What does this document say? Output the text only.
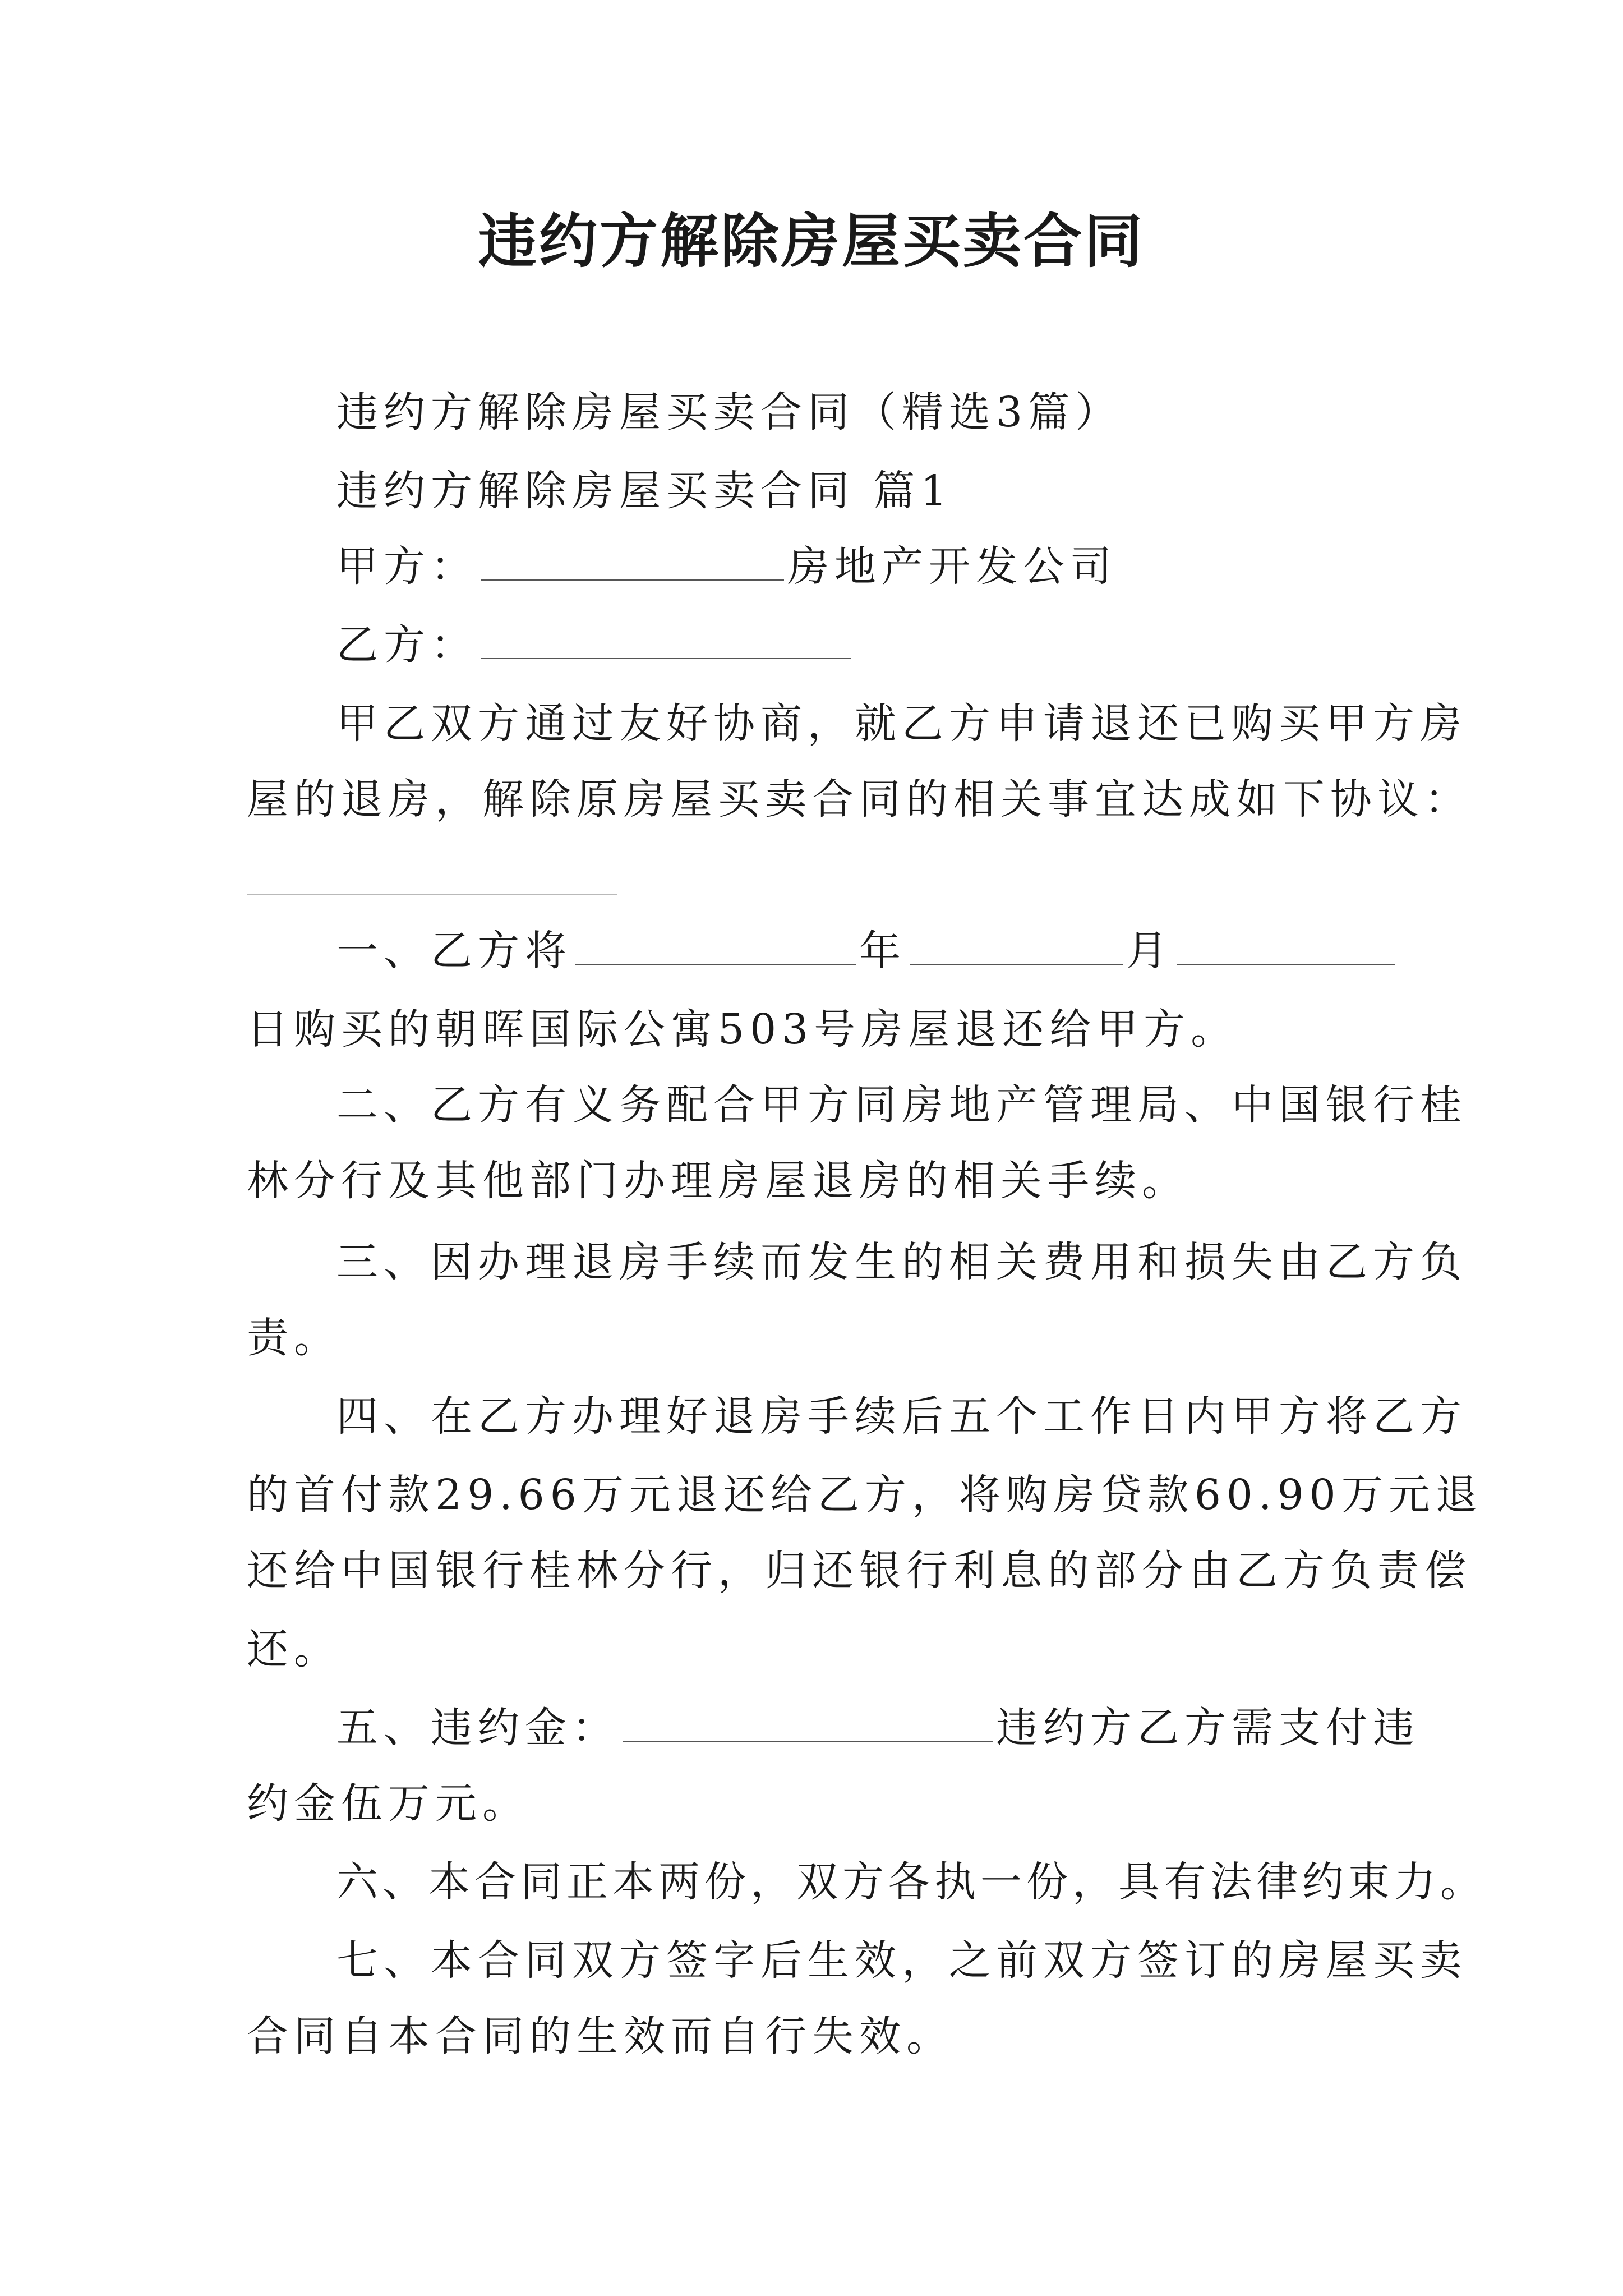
违约方解除房屋买卖合同
违约方解除房屋买卖合同（精选3篇）
违约方解除房屋买卖合同 篇1
甲方：	房地产开发公司
乙方：
甲乙双方通过友好协商，就乙方申请退还已购买甲方房
屋的退房，解除原房屋买卖合同的相关事宜达成如下协议：
一、乙方将	年	月
日购买的朝晖国际公寓503号房屋退还给甲方。
二、乙方有义务配合甲方同房地产管理局、中国银行桂
林分行及其他部门办理房屋退房的相关手续。
三、因办理退房手续而发生的相关费用和损失由乙方负
责。
四、在乙方办理好退房手续后五个工作日内甲方将乙方
的首付款29.66万元退还给乙方，将购房贷款60.90万元退
还给中国银行桂林分行，归还银行利息的部分由乙方负责偿
还。
五、违约金：	违约方乙方需支付违
约金伍万元。
六、本合同正本两份，双方各执一份，具有法律约束力。
七、本合同双方签字后生效，之前双方签订的房屋买卖
合同自本合同的生效而自行失效。
